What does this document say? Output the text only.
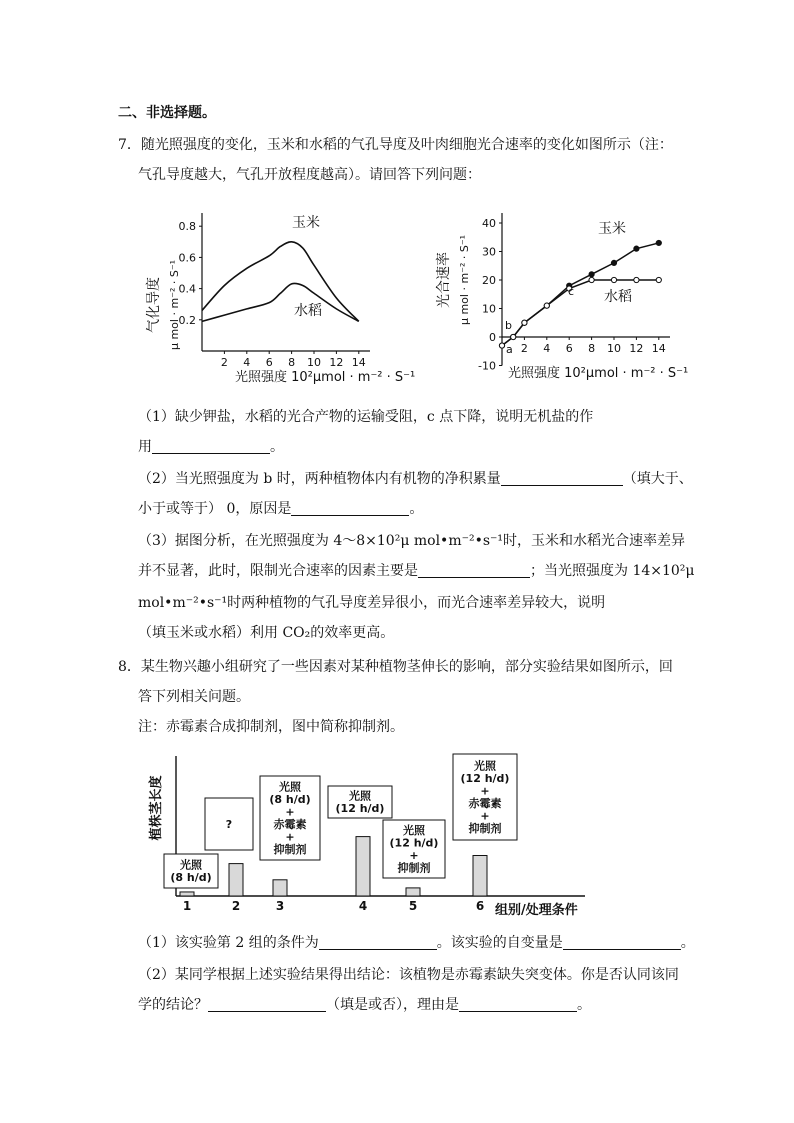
二、非选择题。
7．随光照强度的变化，玉米和水稻的气孔导度及叶肉细胞光合速率的变化如图所示（注：
气孔导度越大，气孔开放程度越高）。请回答下列问题：
0.8
0.6
0.4
0.2
2 4 6 8 10 12 14
气化导度 μ mol · m⁻² · S⁻¹
光照强度 10²μmol · m⁻² · S⁻¹
玉米
水稻
40
30
20
10
0
-10
2 4 6 8 10 12 14
光合速率 μ mol · m⁻² · S⁻¹
光照强度 10²μmol · m⁻² · S⁻¹
玉米
水稻
a
b
c
（1）缺少钾盐，水稻的光合产物的运输受阻，c 点下降，说明无机盐的作
用	。
（2）当光照强度为 b 时，两种植物体内有机物的净积累量	（填大于、
小于或等于） 0，原因是	。
（3）据图分析，在光照强度为 4～8×10²μ mol•m⁻²•s⁻¹时，玉米和水稻光合速率差异
并不显著，此时，限制光合速率的因素主要是	；当光照强度为 14×10²μ
mol•m⁻²•s⁻¹时两种植物的气孔导度差异很小，而光合速率差异较大，说明
（填玉米或水稻）利用 CO₂的效率更高。
8．某生物兴趣小组研究了一些因素对某种植物茎伸长的影响，部分实验结果如图所示，回
答下列相关问题。
注：赤霉素合成抑制剂，图中简称抑制剂。
1	2	3	4	5	6
光照
(8 h/d)
?
光照
(8 h/d)
+
赤霉素
+
抑制剂
光照
(12 h/d)
光照
(12 h/d)
+
抑制剂
光照
(12 h/d)
+
赤霉素
+
抑制剂
植株茎长度
组别/处理条件
（1）该实验第 2 组的条件为	。该实验的自变量是	。
（2）某同学根据上述实验结果得出结论：该植物是赤霉素缺失突变体。你是否认同该同
学的结论？	（填是或否），理由是	。
